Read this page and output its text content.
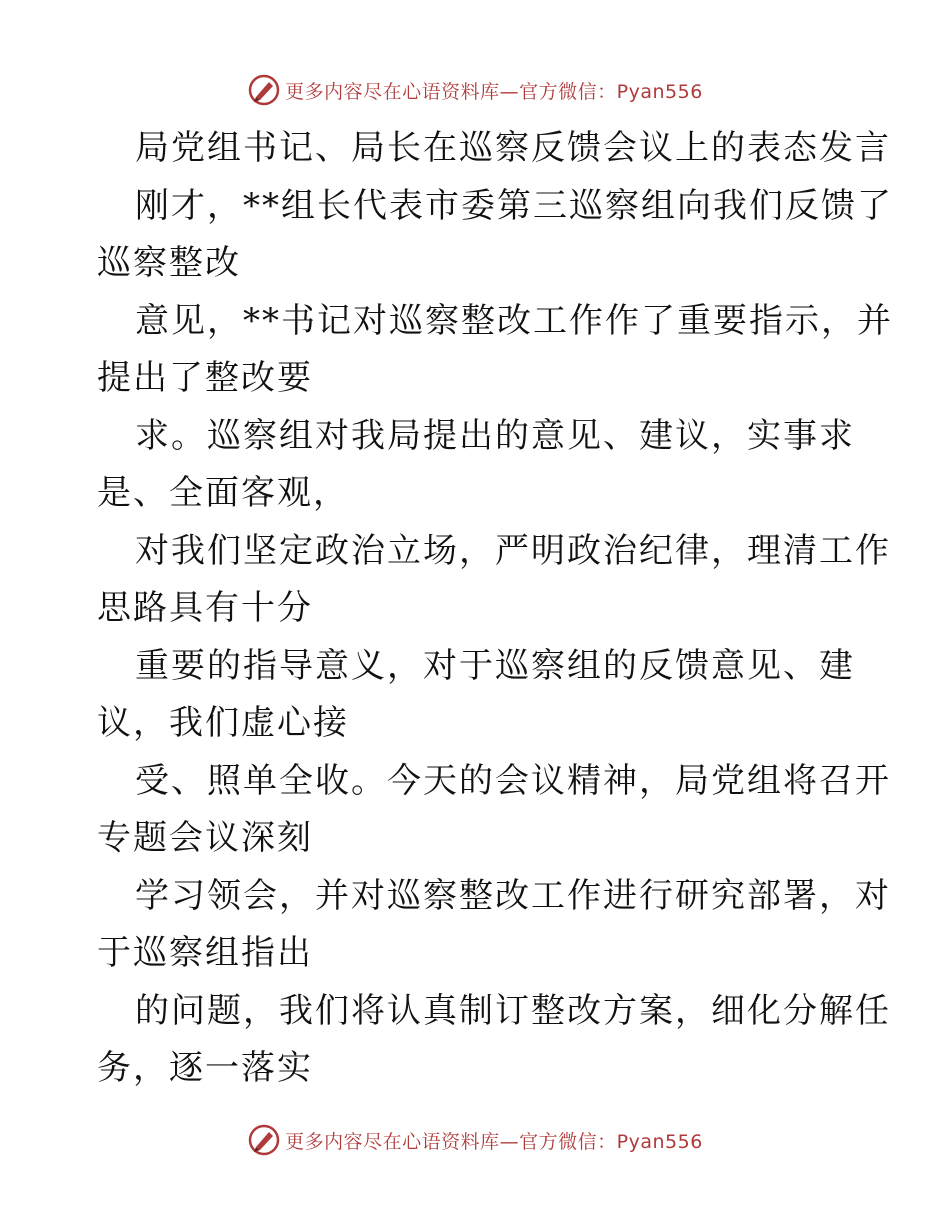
更多内容尽在心语资料库—官方微信：Pyan556
局党组书记、局长在巡察反馈会议上的表态发言
刚才，**组长代表市委第三巡察组向我们反馈了
巡察整改
意见，**书记对巡察整改工作作了重要指示，并
提出了整改要
求。巡察组对我局提出的意见、建议，实事求
是、全面客观，
对我们坚定政治立场，严明政治纪律，理清工作
思路具有十分
重要的指导意义，对于巡察组的反馈意见、建
议，我们虚心接
受、照单全收。今天的会议精神，局党组将召开
专题会议深刻
学习领会，并对巡察整改工作进行研究部署，对
于巡察组指出
的问题，我们将认真制订整改方案，细化分解任
务，逐一落实
更多内容尽在心语资料库—官方微信：Pyan556
